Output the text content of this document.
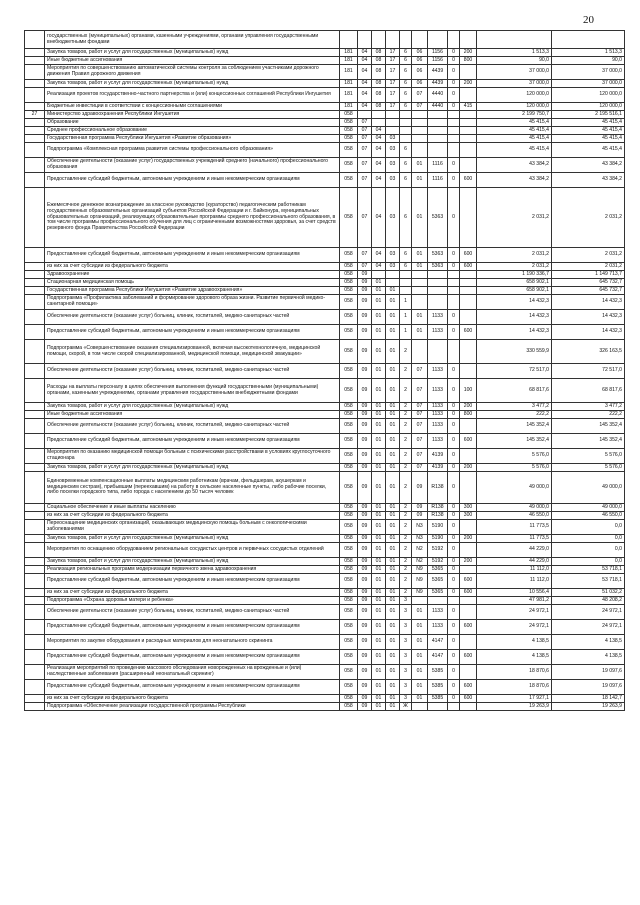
20
	государственных (муниципальных) органами, казенными учреждениями, органами управления государственными внебюджетными фондами											
	Закупка товаров, работ и услуг для государственных (муниципальных) нужд	181	04	08	17	6	06	1156	0	200	1 513,3	1 513,3
	Иные бюджетные ассигнования	181	04	08	17	6	06	1156	0	800	90,0	90,0
	Мероприятия по совершенствованию автоматической системы контроля за соблюдением участниками дорожного движения Правил дорожного движения	181	04	08	17	6	06	4439	0		37 000,0	37 000,0
	Закупка товаров, работ и услуг для государственных (муниципальных) нужд	181	04	08	17	6	06	4439	0	200	37 000,0	37 000,0
	Реализация проектов государственно-частного партнерства и (или) концессионных соглашений Республики Ингушетия	181	04	08	17	6	07	4440	0		120 000,0	120 000,0
	Бюджетные инвестиции в соответствии с концессионными соглашениями	181	04	08	17	6	07	4440	0	415	120 000,0	120 000,0
27	Министерство здравоохранения Республики Ингушетия	058									2 199 750,7	2 195 516,1
	Образование	058	07								45 415,4	45 415,4
	Среднее профессиональное образование	058	07	04							45 415,4	45 415,4
	Государственная программа Республики Ингушетия «Развитие образования»	058	07	04	03						45 415,4	45 415,4
	Подпрограмма «Комплексная программа развития системы профессионального образования»	058	07	04	03	6					45 415,4	45 415,4
	Обеспечение деятельности (оказание услуг) государственных учреждений среднего (начального) профессионального образования	058	07	04	03	6	01	1116	0		43 384,2	43 384,2
	Предоставление субсидий бюджетным, автономным учреждениям и иным некоммерческим организациям	058	07	04	03	6	01	1116	0	600	43 384,2	43 384,2
	Ежемесячное денежное вознаграждение за классное руководство (кураторство) педагогическим работникам государственных образовательных организаций субъектов Российской Федерации и г. Байконура, муниципальных образовательных организаций, реализующих образовательные программы среднего профессионального образования, в том числе программы профессионального обучения для лиц с ограниченными возможностями здоровья, за счет средств резервного фонда Правительства Российской Федерации	058	07	04	03	6	01	5363	0		2 031,2	2 031,2
	Предоставление субсидий бюджетным, автономным учреждениям и иным некоммерческим организациям	058	07	04	03	6	01	5363	0	600	2 031,2	2 031,2
	из них за счет субсидии из федерального бюджета	058	07	04	03	6	01	5363	0	600	2 031,2	2 031,2
	Здравоохранение	058	09								1 190 336,7	1 149 713,7
	Стационарная медицинская помощь	058	09	01							658 902,1	645 732,7
	Государственная программа Республики Ингушетия «Развитие здравоохранения»	058	09	01	01						658 902,1	645 732,7
	Подпрограмма «Профилактика заболеваний и формирование здорового образа жизни. Развитие первичной медико-санитарной помощи»	058	09	01	01	1					14 432,3	14 432,3
	Обеспечение деятельности (оказание услуг) больниц, клиник, госпиталей, медико-санитарных частей	058	09	01	01	1	01	1133	0		14 432,3	14 432,3
	Предоставление субсидий бюджетным, автономным учреждениям и иным некоммерческим организациям	058	09	01	01	1	01	1133	0	600	14 432,3	14 432,3
	Подпрограмма «Совершенствование оказания специализированной, включая высокотехнологичную, медицинской помощи, скорой, в том числе скорой специализированной, медицинской помощи, медицинской эвакуации»	058	09	01	01	2					330 559,9	326 163,5
	Обеспечение деятельности (оказание услуг) больниц, клиник, госпиталей, медико-санитарных частей	058	09	01	01	2	07	1133	0		72 517,0	72 517,0
	Расходы на выплаты персоналу в целях обеспечения выполнения функций государственными (муниципальными) органами, казенными учреждениями, органами управления государственными внебюджетными фондами	058	09	01	01	2	07	1133	0	100	68 817,6	68 817,6
	Закупка товаров, работ и услуг для государственных (муниципальных) нужд	058	09	01	01	2	07	1133	0	200	3 477,2	3 477,2
	Иные бюджетные ассигнования	058	09	01	01	2	07	1133	0	800	222,2	222,2
	Обеспечение деятельности (оказание услуг) больниц, клиник, госпиталей, медико-санитарных частей	058	09	01	01	2	07	1133	0		145 352,4	145 352,4
	Предоставление субсидий бюджетным, автономным учреждениям и иным некоммерческим организациям	058	09	01	01	2	07	1133	0	600	145 352,4	145 352,4
	Мероприятия по оказанию медицинской помощи больным с психическими расстройствами в условиях круглосуточного стационара	058	09	01	01	2	07	4139	0		5 576,0	5 576,0
	Закупка товаров, работ и услуг для государственных (муниципальных) нужд	058	09	01	01	2	07	4139	0	200	5 576,0	5 576,0
	Единовременные компенсационные выплаты медицинским работникам (врачам, фельдшерам, акушеркам и медицинским сестрам), прибывшим (переехавшим) на работу в сельские населенные пункты, либо рабочие поселки, либо поселки городского типа, либо города с населением до 50 тысяч человек	058	09	01	01	2	09	R138	0		49 000,0	49 000,0
	Социальное обеспечение и иные выплаты населению	058	09	01	01	2	09	R138	0	300	49 000,0	49 000,0
	из них за счет субсидии из федерального бюджета	058	09	01	01	2	09	R138	0	300	46 550,0	46 550,0
	Переоснащение медицинских организаций, оказывающих медицинскую помощь больным с онкологическими заболеваниями	058	09	01	01	2	N3	5190	0		11 773,5	0,0
	Закупка товаров, работ и услуг для государственных (муниципальных) нужд	058	09	01	01	2	N3	5190	0	200	11 773,5	0,0
	Мероприятия по оснащению оборудованием региональных сосудистых центров и первичных сосудистых отделений	058	09	01	01	2	N2	5192	0		44 229,0	0,0
	Закупка товаров, работ и услуг для государственных (муниципальных) нужд	058	09	01	01	2	N2	5192	0	200	44 229,0	0,0
	Реализация региональных программ модернизации первичного звена здравоохранения	058	09	01	01	2	N9	5365	0		11 112,0	53 718,1
	Предоставление субсидий бюджетным, автономным учреждениям и иным некоммерческим организациям	058	09	01	01	2	N9	5365	0	600	11 112,0	53 718,1
	из них за счет субсидии из федерального бюджета	058	09	01	01	2	N9	5365	0	600	10 556,4	51 032,2
	Подпрограмма «Охрана здоровья матери и ребенка»	058	09	01	01	3					47 981,2	48 208,2
	Обеспечение деятельности (оказание услуг) больниц, клиник, госпиталей, медико-санитарных частей	058	09	01	01	3	01	1133	0		24 972,1	24 972,1
	Предоставление субсидий бюджетным, автономным учреждениям и иным некоммерческим организациям	058	09	01	01	3	01	1133	0	600	24 972,1	24 972,1
	Мероприятия по закупке оборудования и расходных материалов для неонатального скрининга	058	09	01	01	3	01	4147	0		4 138,5	4 138,5
	Предоставление субсидий бюджетным, автономным учреждениям и иным некоммерческим организациям	058	09	01	01	3	01	4147	0	600	4 138,5	4 138,5
	Реализация мероприятий по проведению массового обследования новорожденных на врожденные и (или) наследственные заболевания (расширенный неонатальный скрининг)	058	09	01	01	3	01	5385	0		18 870,6	19 097,6
	Предоставление субсидий бюджетным, автономным учреждениям и иным некоммерческим организациям	058	09	01	01	3	01	5385	0	600	18 870,6	19 097,6
	из них за счет субсидии из федерального бюджета	058	09	01	01	3	01	5385	0	600	17 927,1	18 142,7
	Подпрограмма «Обеспечение реализации государственной программы Республики	058	09	01	01	Ж					19 263,9	19 263,9
